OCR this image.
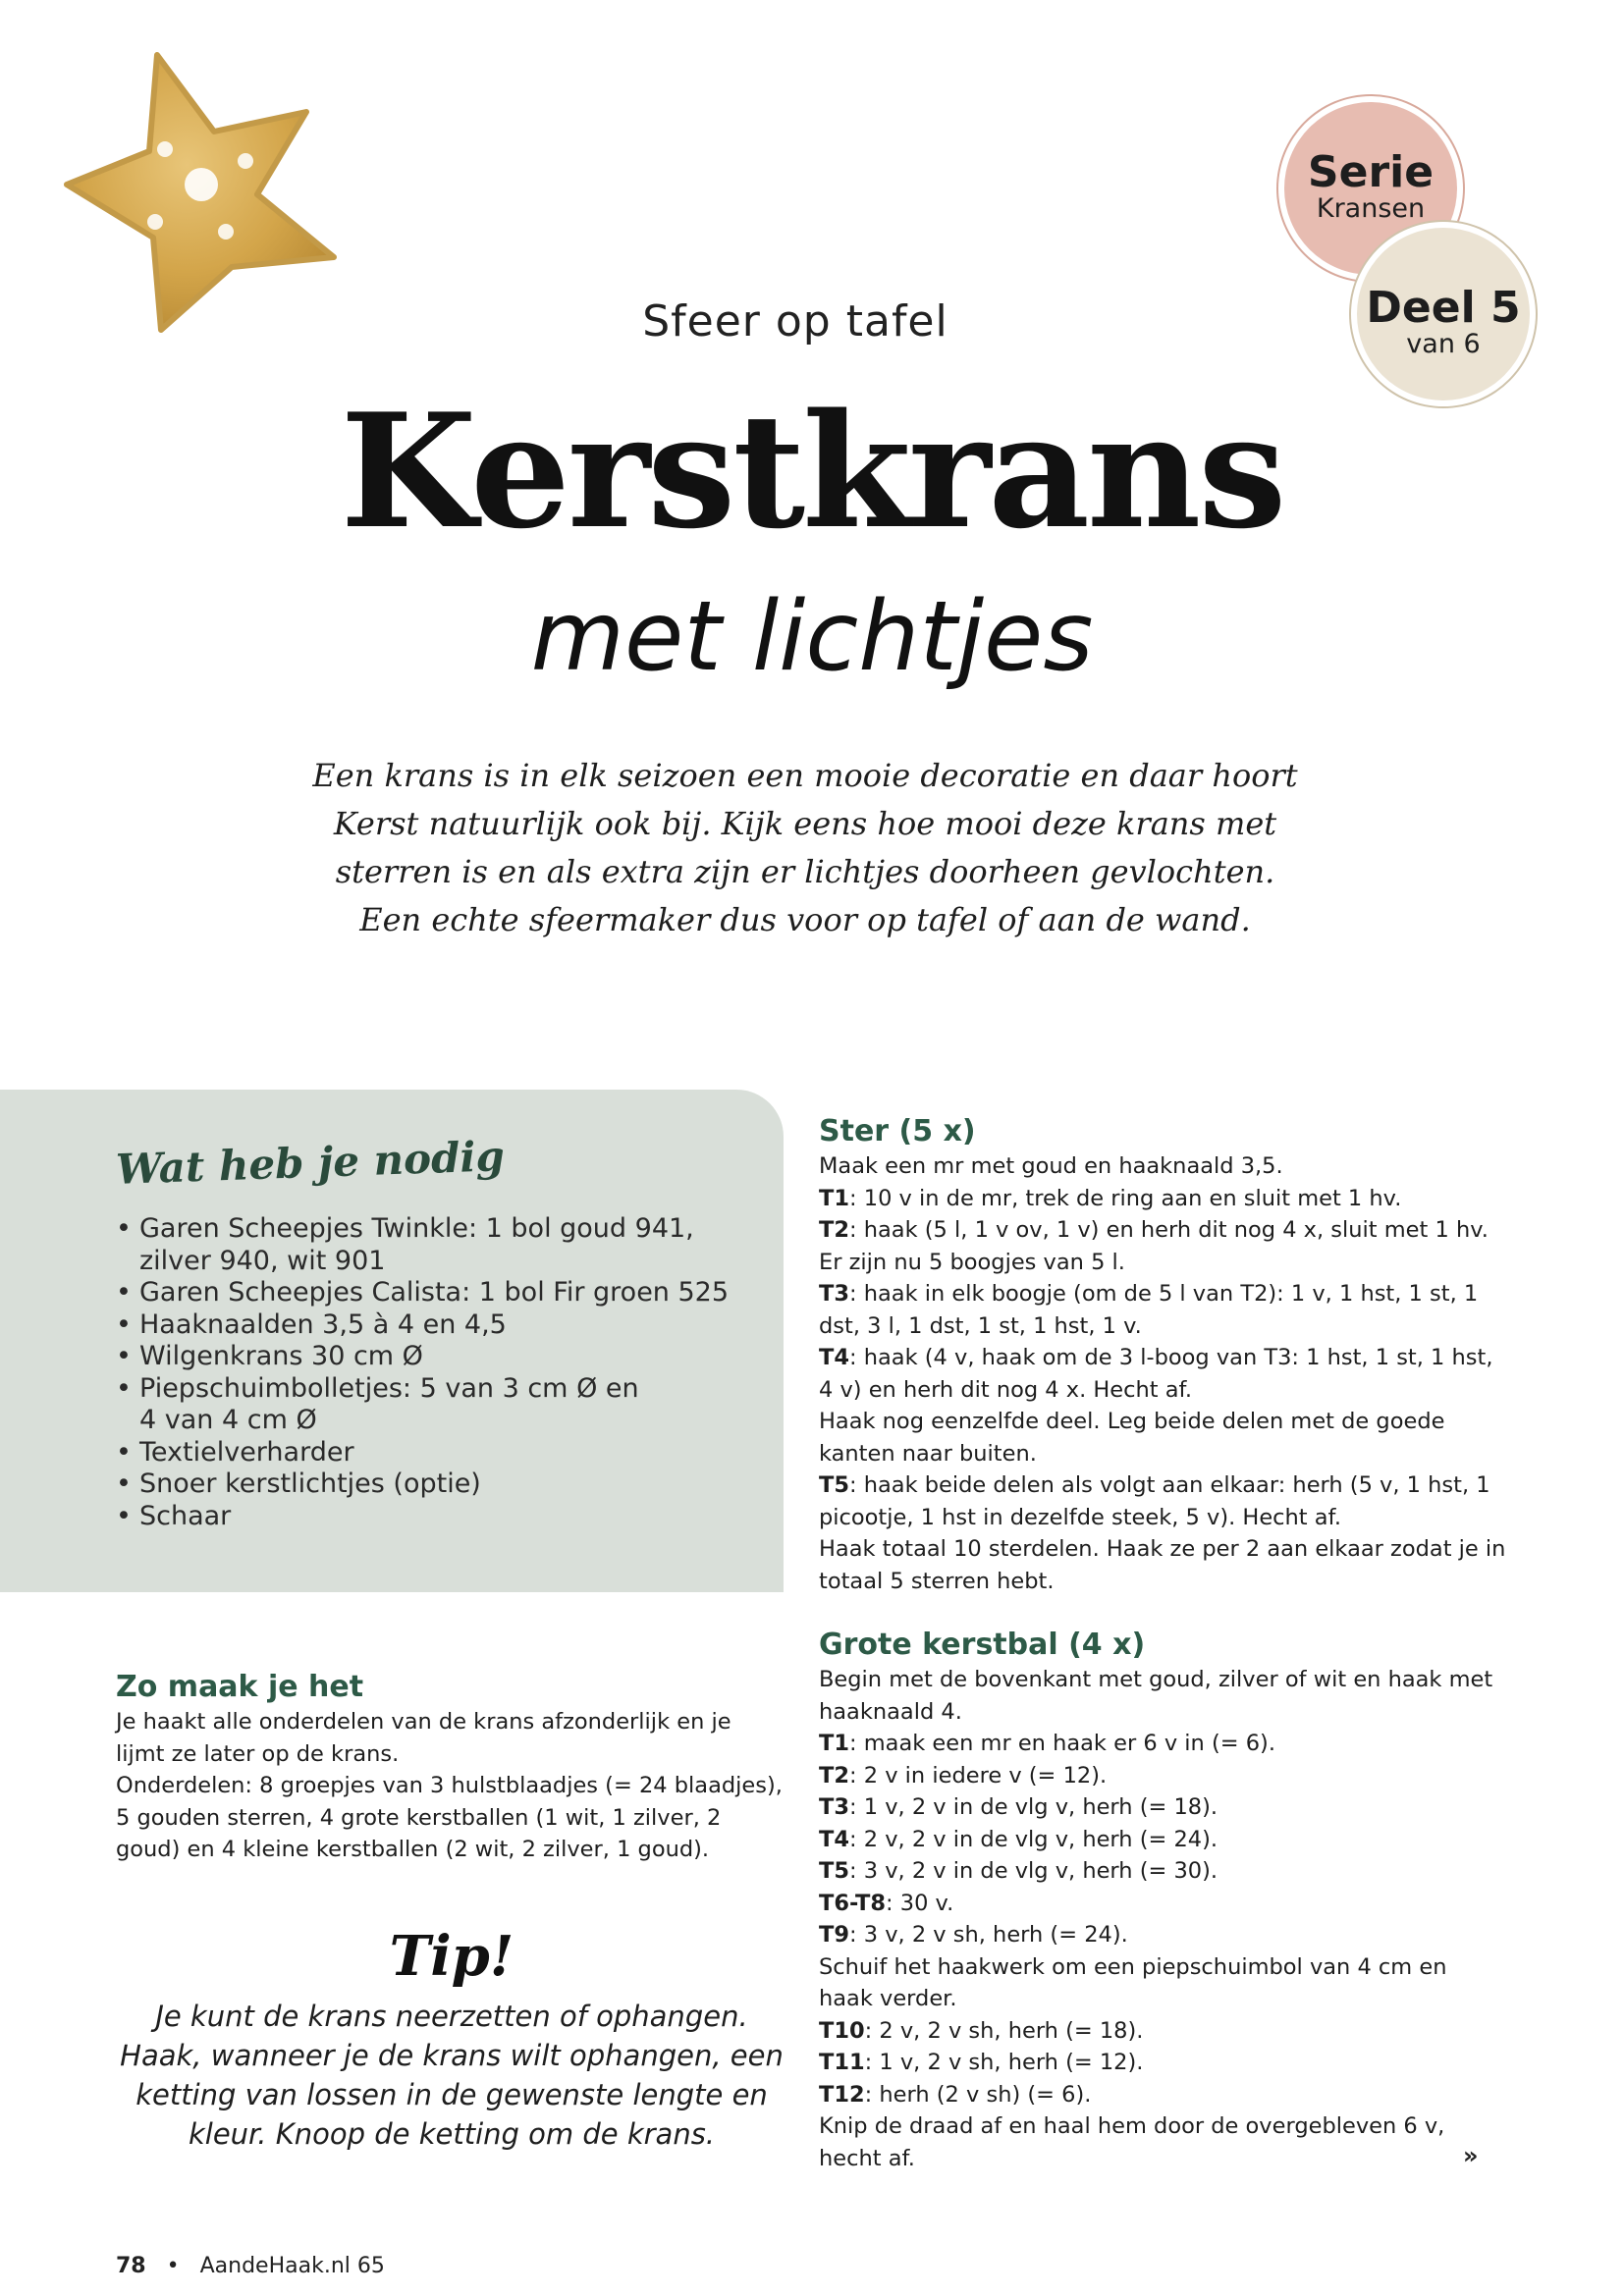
Serie
Kransen
Deel 5
van 6
Sfeer op tafel
Kerstkrans
met lichtjes

Een krans is in elk seizoen een mooie decoratie en daar hoort

Kerst natuurlijk ook bij. Kijk eens hoe mooi deze krans met

sterren is en als extra zijn er lichtjes doorheen gevlochten.

Een echte sfeermaker dus voor op tafel of aan de wand.

Wat heb je nodig
• Garen Scheepjes Twinkle: 1 bol goud 941,
zilver 940, wit 901
• Garen Scheepjes Calista: 1 bol Fir groen 525
• Haaknaalden 3,5 à 4 en 4,5
• Wilgenkrans 30 cm Ø
• Piepschuimbolletjes: 5 van 3 cm Ø en
4 van 4 cm Ø
• Textielverharder
• Snoer kerstlichtjes (optie)
• Schaar
Zo maak je het

Je haakt alle onderdelen van de krans afzonderlijk en je lijmt ze later op de krans.

Onderdelen: 8 groepjes van 3 hulstblaadjes (= 24 blaadjes), 5 gouden sterren, 4 grote kerstballen (1 wit, 1 zilver, 2 goud) en 4 kleine kerstballen (2 wit, 2 zilver, 1 goud).

Tip!

Je kunt de krans neerzetten of ophangen.

Haak, wanneer je de krans wilt ophangen, een

ketting van lossen in de gewenste lengte en

kleur. Knoop de ketting om de krans.

Ster (5 x)

Maak een mr met goud en haaknaald 3,5.

T1: 10 v in de mr, trek de ring aan en sluit met 1 hv.

T2: haak (5 l, 1 v ov, 1 v) en herh dit nog 4 x, sluit met 1 hv.

Er zijn nu 5 boogjes van 5 l.

T3: haak in elk boogje (om de 5 l van T2): 1 v, 1 hst, 1 st, 1 dst, 3 l, 1 dst, 1 st, 1 hst, 1 v.

T4: haak (4 v, haak om de 3 l-boog van T3: 1 hst, 1 st, 1 hst, 4 v) en herh dit nog 4 x. Hecht af.

Haak nog eenzelfde deel. Leg beide delen met de goede kanten naar buiten.

T5: haak beide delen als volgt aan elkaar: herh (5 v, 1 hst, 1 picootje, 1 hst in dezelfde steek, 5 v). Hecht af.

Haak totaal 10 sterdelen. Haak ze per 2 aan elkaar zodat je in totaal 5 sterren hebt.

Grote kerstbal (4 x)

Begin met de bovenkant met goud, zilver of wit en haak met haaknaald 4.

T1: maak een mr en haak er 6 v in (= 6).

T2: 2 v in iedere v (= 12).

T3: 1 v, 2 v in de vlg v, herh (= 18).

T4: 2 v, 2 v in de vlg v, herh (= 24).

T5: 3 v, 2 v in de vlg v, herh (= 30).

T6-T8: 30 v.

T9: 3 v, 2 v sh, herh (= 24).

Schuif het haakwerk om een piepschuimbol van 4 cm en haak verder.

T10: 2 v, 2 v sh, herh (= 18).

T11: 1 v, 2 v sh, herh (= 12).

T12: herh (2 v sh) (= 6).

Knip de draad af en haal hem door de overgebleven 6 v, hecht af.	»
78 • AandeHaak.nl 65
